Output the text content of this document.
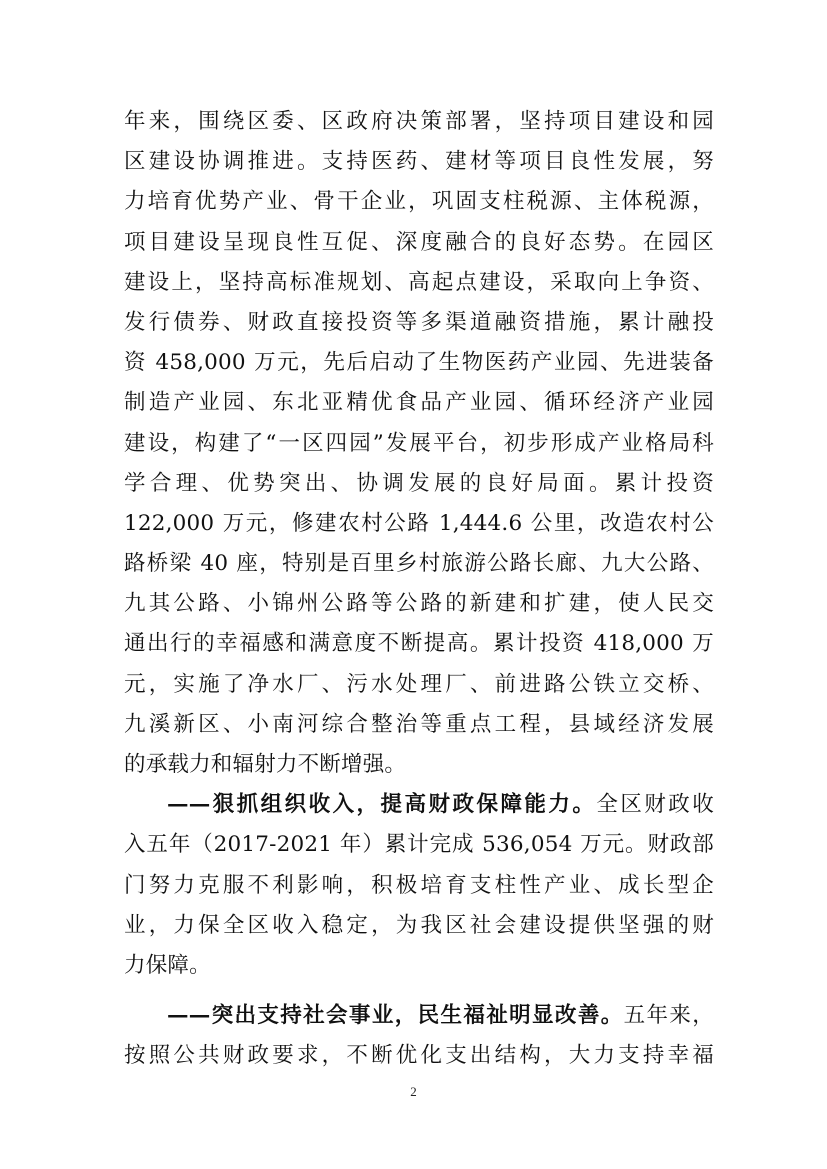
年来，围绕区委、区政府决策部署，坚持项目建设和园
区建设协调推进。支持医药、建材等项目良性发展，努
力培育优势产业、骨干企业，巩固支柱税源、主体税源，
项目建设呈现良性互促、深度融合的良好态势。在园区
建设上，坚持高标准规划、高起点建设，采取向上争资、
发行债券、财政直接投资等多渠道融资措施，累计融投
资 458,000 万元，先后启动了生物医药产业园、先进装备
制造产业园、东北亚精优食品产业园、循环经济产业园
建设，构建了“一区四园”发展平台，初步形成产业格局科
学合理、优势突出、协调发展的良好局面。累计投资
122,000 万元，修建农村公路 1,444.6 公里，改造农村公
路桥梁 40 座，特别是百里乡村旅游公路长廊、九大公路、
九其公路、小锦州公路等公路的新建和扩建，使人民交
通出行的幸福感和满意度不断提高。累计投资 418,000 万
元，实施了净水厂、污水处理厂、前进路公铁立交桥、
九溪新区、小南河综合整治等重点工程，县域经济发展
的承载力和辐射力不断增强。
——狠抓组织收入，提高财政保障能力。全区财政收
入五年（2017-2021 年）累计完成 536,054 万元。财政部
门努力克服不利影响，积极培育支柱性产业、成长型企
业，力保全区收入稳定，为我区社会建设提供坚强的财
力保障。
——突出支持社会事业，民生福祉明显改善。五年来，
按照公共财政要求，不断优化支出结构，大力支持幸福
2
